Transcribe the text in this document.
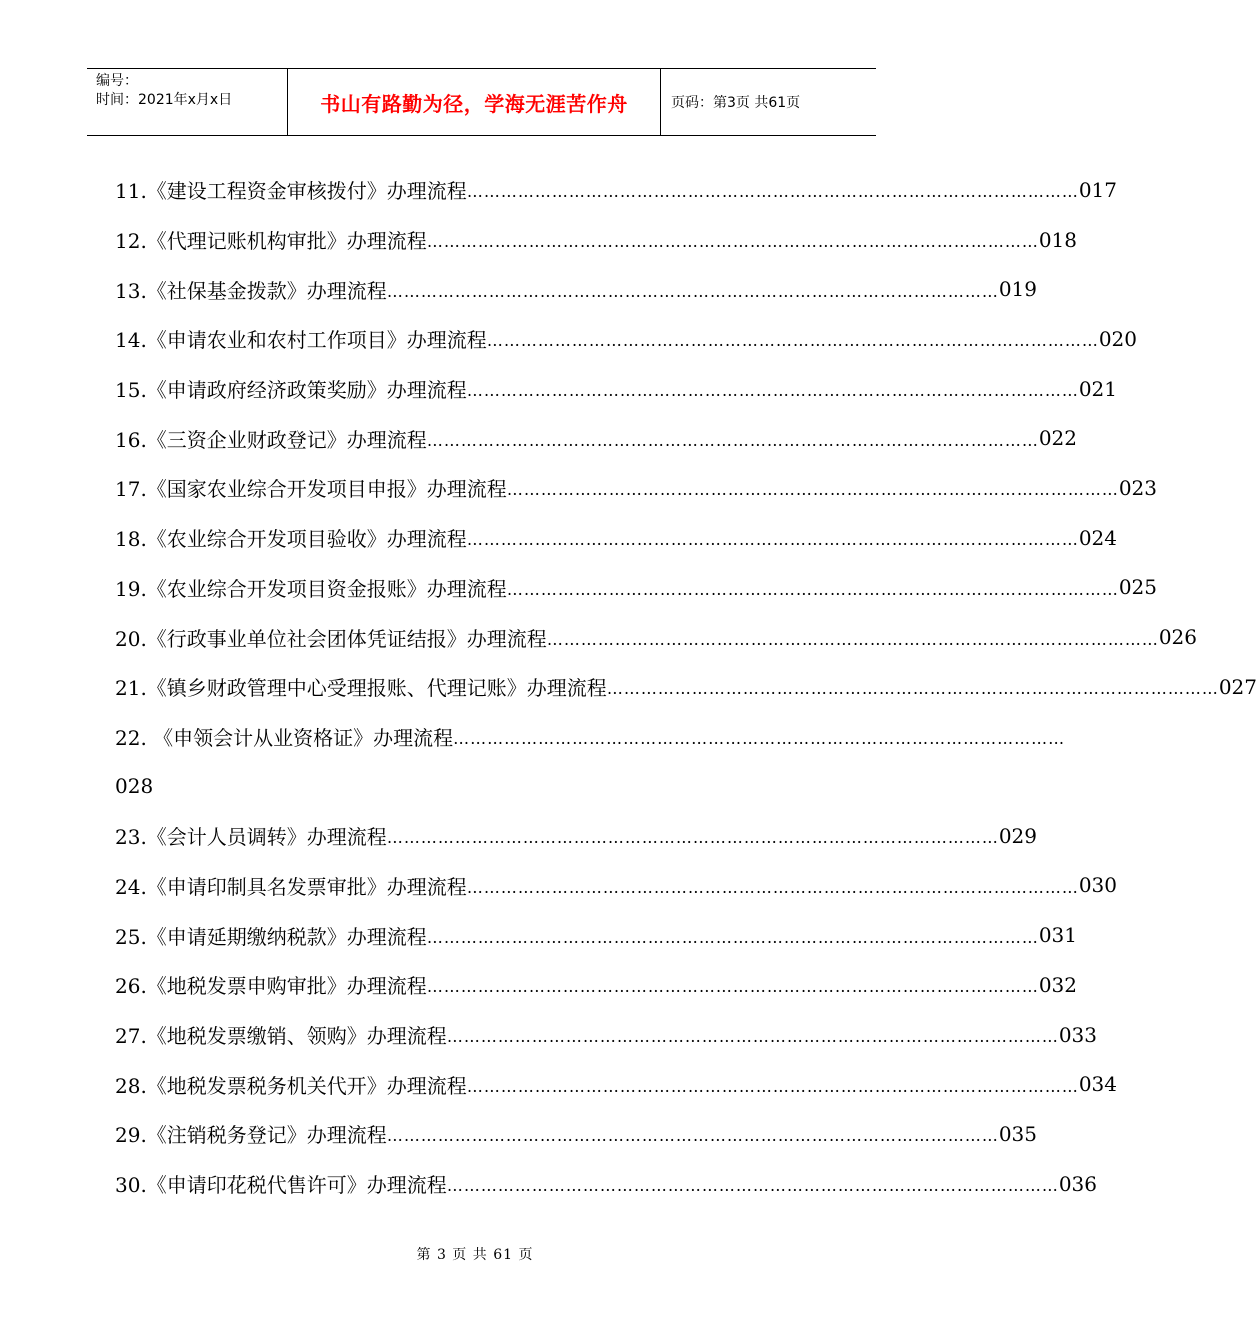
编号：
时间：2021年x月x日	书山有路勤为径，学海无涯苦作舟	页码：第3页 共61页
11.《建设工程资金审核拨付》办理流程 ……………………………………………………………………………………………… 017
12.《代理记账机构审批》办理流程 ……………………………………………………………………………………………… 018
13.《社保基金拨款》办理流程 ……………………………………………………………………………………………… 019
14.《申请农业和农村工作项目》办理流程 ……………………………………………………………………………………………… 020
15.《申请政府经济政策奖励》办理流程 ……………………………………………………………………………………………… 021
16.《三资企业财政登记》办理流程 ……………………………………………………………………………………………… 022
17.《国家农业综合开发项目申报》办理流程 ……………………………………………………………………………………………… 023
18.《农业综合开发项目验收》办理流程 ……………………………………………………………………………………………… 024
19.《农业综合开发项目资金报账》办理流程 ……………………………………………………………………………………………… 025
20.《行政事业单位社会团体凭证结报》办理流程 ……………………………………………………………………………………………… 026
21.《镇乡财政管理中心受理报账、代理记账》办理流程 ……………………………………………………………………………………………… 027
22. 《申领会计从业资格证》办理流程 ………………………………………………………………………………………………
028
23.《会计人员调转》办理流程 ……………………………………………………………………………………………… 029
24.《申请印制具名发票审批》办理流程 ……………………………………………………………………………………………… 030
25.《申请延期缴纳税款》办理流程 ……………………………………………………………………………………………… 031
26.《地税发票申购审批》办理流程 ……………………………………………………………………………………………… 032
27.《地税发票缴销、领购》办理流程 ……………………………………………………………………………………………… 033
28.《地税发票税务机关代开》办理流程 ……………………………………………………………………………………………… 034
29.《注销税务登记》办理流程 ……………………………………………………………………………………………… 035
30.《申请印花税代售许可》办理流程 ……………………………………………………………………………………………… 036
第 3 页 共 61 页
